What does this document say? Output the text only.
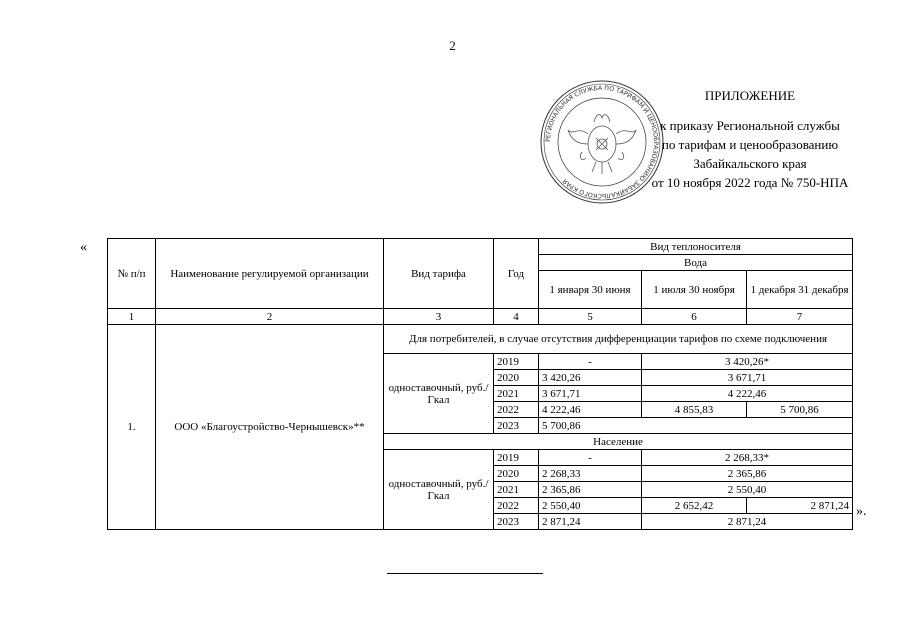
2
РЕГИОНАЛЬНАЯ СЛУЖБА ПО ТАРИФАМ И ЦЕНООБРАЗОВАНИЮ ЗАБАЙКАЛЬСКОГО КРАЯ
ПРИЛОЖЕНИЕ
к приказу Региональной службы
по тарифам и ценообразованию
Забайкальского края
от 10 ноября 2022 года № 750-НПА
«
№ п/п	Наименование регулируемой организации	Вид тарифа	Год	Вид теплоносителя		
				Вода		
				1 января 30 июня	1 июля 30 ноября	1 декабря 31 декабря
1	2	3	4	5	6	7
1.	ООО «Благоустройство-Чернышевск»**	Для потребителей, в случае отсутствия дифференциации тарифов по схеме подключения				
		одноставочный, руб./Гкал	2019	-	3 420,26*	
			2020	3 420,26	3 671,71	
			2021	3 671,71	4 222,46	
			2022	4 222,46	4 855,83	5 700,86
			2023	5 700,86		
		Население				
		одноставочный, руб./Гкал	2019	-	2 268,33*	
			2020	2 268,33	2 365,86	
			2021	2 365,86	2 550,40	
			2022	2 550,40	2 652,42	2 871,24
			2023	2 871,24	2 871,24	
».
